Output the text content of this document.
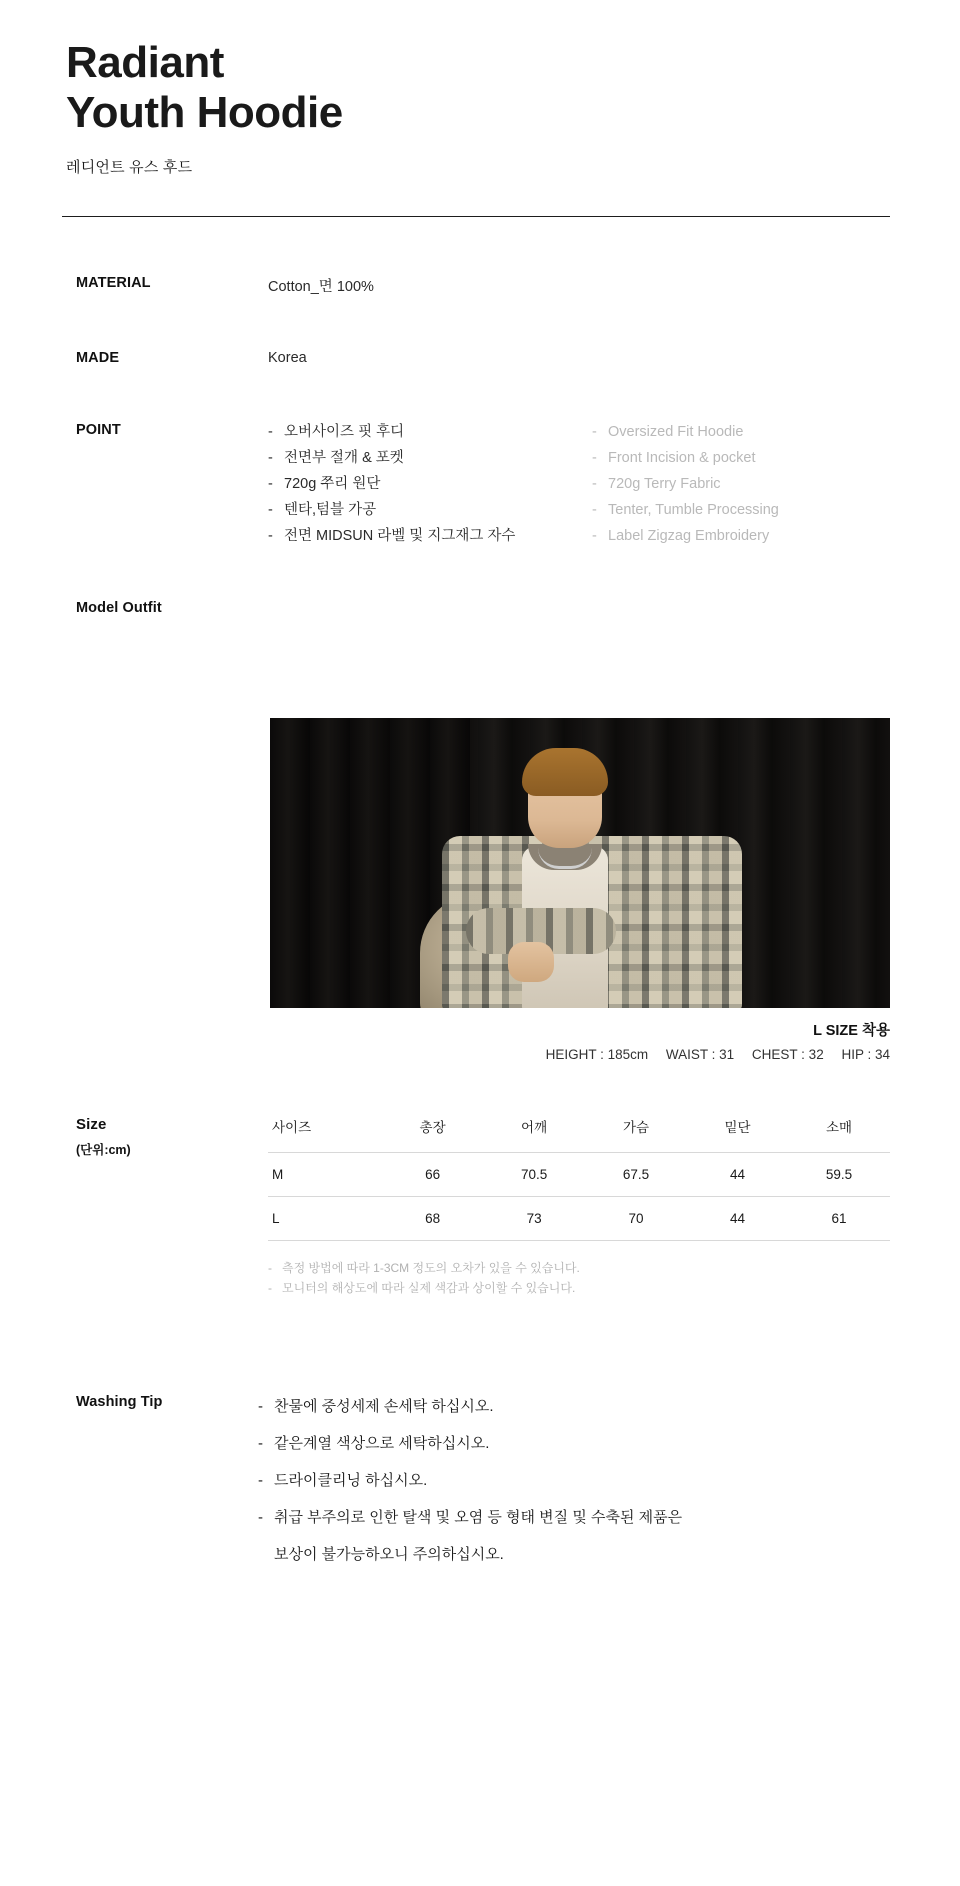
Radiant
Youth Hoodie
레디언트 유스 후드
MATERIAL	Cotton_면 100%
MADE	Korea
POINT	- 오버사이즈 핏 후디
- 전면부 절개 & 포켓
- 720g 쭈리 원단
- 텐타,텀블 가공
- 전면 MIDSUN 라벨 및 지그재그 자수
- Oversized Fit Hoodie
- Front Incision & pocket
- 720g Terry Fabric
- Tenter, Tumble Processing
- Label Zigzag Embroidery
Model Outfit
L SIZE 착용
HEIGHT : 185cm WAIST : 31 CHEST : 32 HIP : 34
Size
(단위:cm)
사이즈	총장	어깨	가슴	밑단	소매
M	66	70.5	67.5	44	59.5
L	68	73	70	44	61
- 측정 방법에 따라 1-3CM 정도의 오차가 있을 수 있습니다.
- 모니터의 해상도에 따라 실제 색감과 상이할 수 있습니다.
Washing Tip	- 찬물에 중성세제 손세탁 하십시오.
- 같은계열 색상으로 세탁하십시오.
- 드라이클리닝 하십시오.
- 취급 부주의로 인한 탈색 및 오염 등 형태 변질 및 수축된 제품은
보상이 불가능하오니 주의하십시오.
